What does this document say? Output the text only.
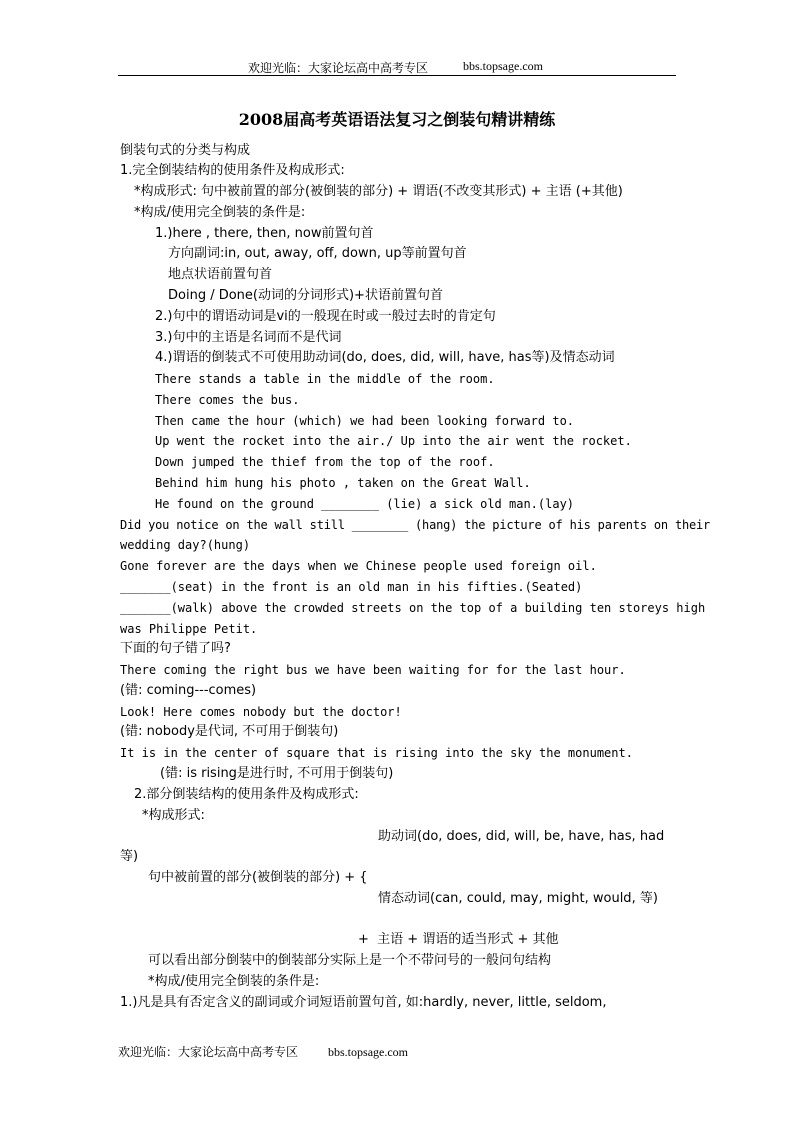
欢迎光临：大家论坛高中高考专区	bbs.topsage.com
2008届高考英语语法复习之倒装句精讲精练
倒装句式的分类与构成
1.完全倒装结构的使用条件及构成形式:
*构成形式: 句中被前置的部分(被倒装的部分) + 谓语(不改变其形式) + 主语 (+其他)
*构成/使用完全倒装的条件是:
1.)here , there, then, now前置句首
方向副词:in, out, away, off, down, up等前置句首
地点状语前置句首
Doing / Done(动词的分词形式)+状语前置句首
2.)句中的谓语动词是vi的一般现在时或一般过去时的肯定句
3.)句中的主语是名词而不是代词
4.)谓语的倒装式不可使用助动词(do, does, did, will, have, has等)及情态动词
There stands a table in the middle of the room.
There comes the bus.
Then came the hour (which) we had been looking forward to.
Up went the rocket into the air./ Up into the air went the rocket.
Down jumped the thief from the top of the roof.
Behind him hung his photo , taken on the Great Wall.
He found on the ground ________ (lie) a sick old man.(lay)
Did you notice on the wall still ________ (hang) the picture of his parents on their
wedding day?(hung)
Gone forever are the days when we Chinese people used foreign oil.
_______(seat) in the front is an old man in his fifties.(Seated)
_______(walk) above the crowded streets on the top of a building ten storeys high
was Philippe Petit.
下面的句子错了吗?
There coming the right bus we have been waiting for for the last hour.
(错: coming---comes)
Look! Here comes nobody but the doctor!
(错: nobody是代词, 不可用于倒装句)
It is in the center of square that is rising into the sky the monument.
(错: is rising是进行时, 不可用于倒装句)
2.部分倒装结构的使用条件及构成形式:
*构成形式:
助动词(do, does, did, will, be, have, has, had
等)
句中被前置的部分(被倒装的部分) + {
情态动词(can, could, may, might, would, 等)
+  主语 + 谓语的适当形式 + 其他
可以看出部分倒装中的倒装部分实际上是一个不带问号的一般问句结构
*构成/使用完全倒装的条件是:
1.)凡是具有否定含义的副词或介词短语前置句首, 如:hardly, never, little, seldom,
欢迎光临：大家论坛高中高考专区	bbs.topsage.com
